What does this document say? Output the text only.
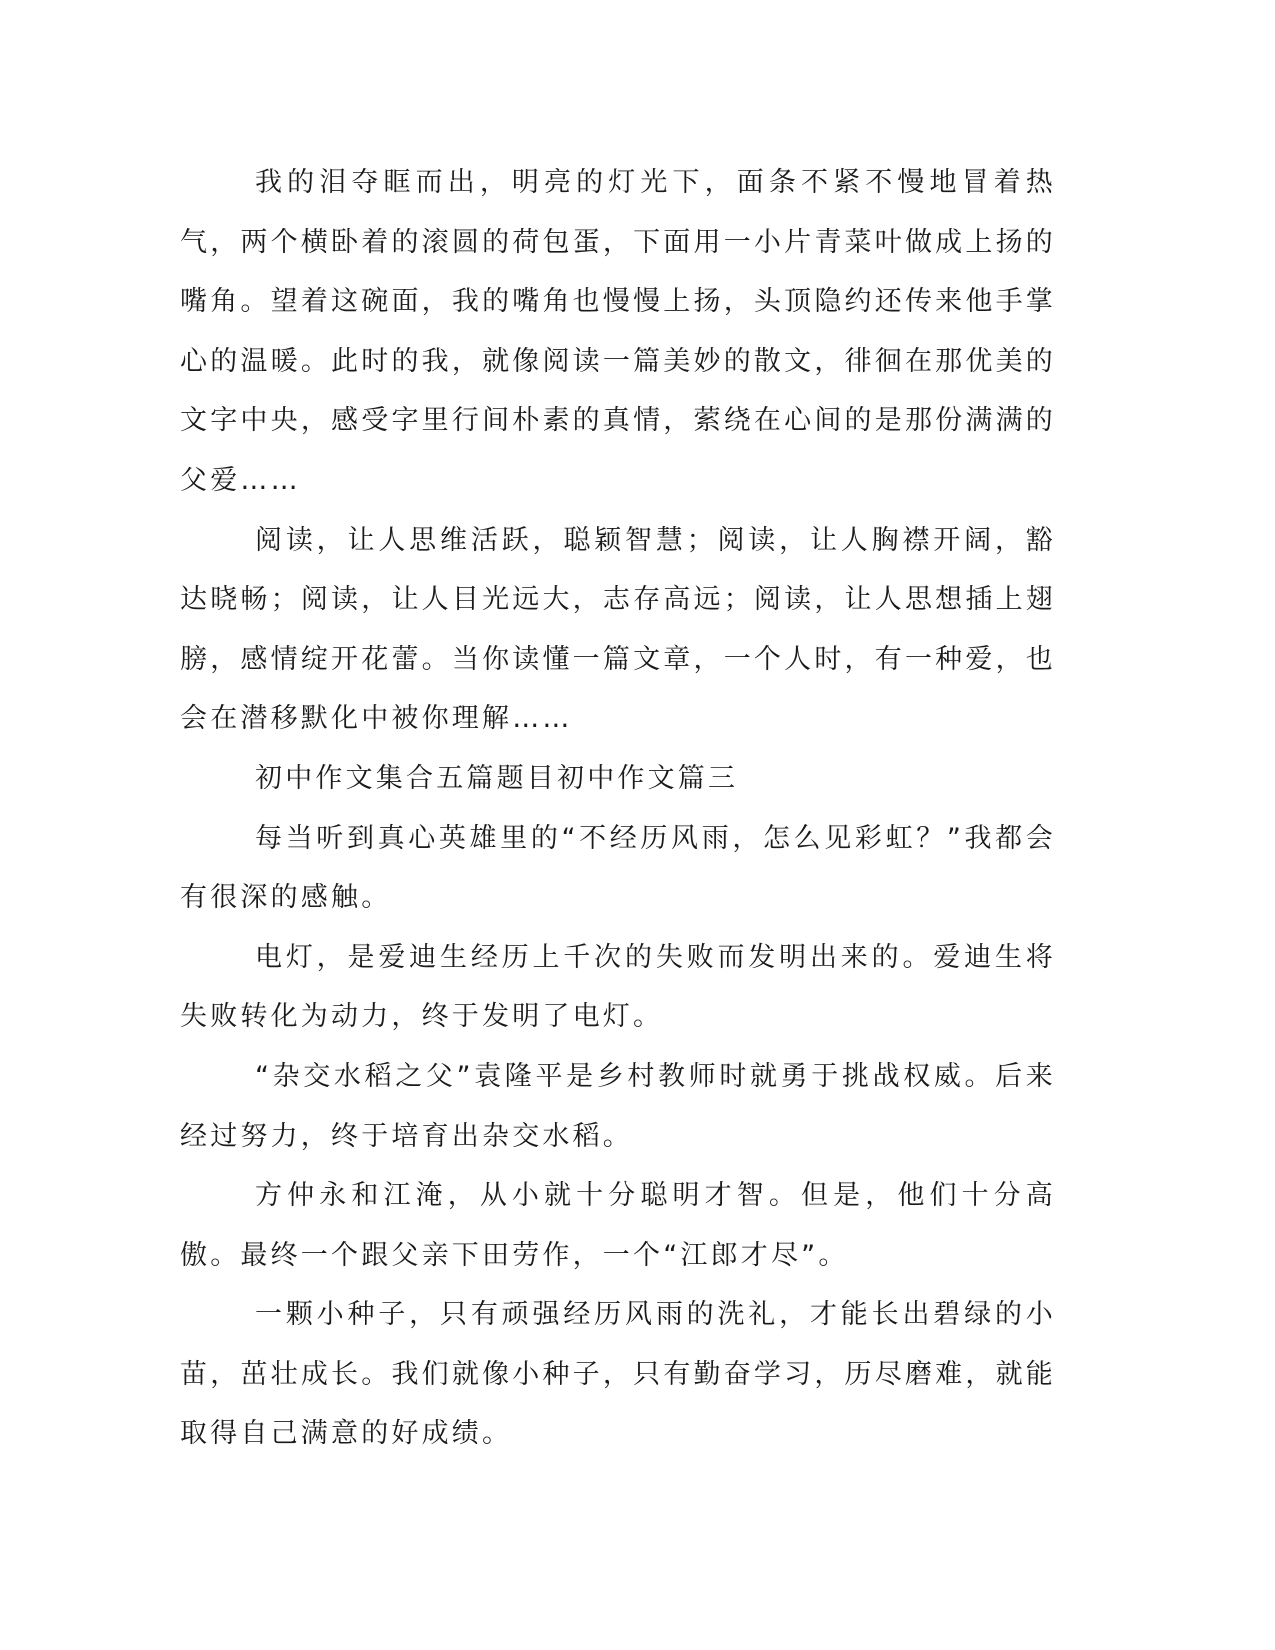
我的泪夺眶而出，明亮的灯光下，面条不紧不慢地冒着热气，两个横卧着的滚圆的荷包蛋，下面用一小片青菜叶做成上扬的嘴角。望着这碗面，我的嘴角也慢慢上扬，头顶隐约还传来他手掌心的温暖。此时的我，就像阅读一篇美妙的散文，徘徊在那优美的文字中央，感受字里行间朴素的真情，萦绕在心间的是那份满满的父爱……

阅读，让人思维活跃，聪颖智慧；阅读，让人胸襟开阔，豁达晓畅；阅读，让人目光远大，志存高远；阅读，让人思想插上翅膀，感情绽开花蕾。当你读懂一篇文章，一个人时，有一种爱，也会在潜移默化中被你理解……

初中作文集合五篇题目初中作文篇三

每当听到真心英雄里的“不经历风雨，怎么见彩虹？”我都会有很深的感触。

电灯，是爱迪生经历上千次的失败而发明出来的。爱迪生将失败转化为动力，终于发明了电灯。

“杂交水稻之父”袁隆平是乡村教师时就勇于挑战权威。后来经过努力，终于培育出杂交水稻。

方仲永和江淹，从小就十分聪明才智。但是，他们十分高傲。最终一个跟父亲下田劳作，一个“江郎才尽”。

一颗小种子，只有顽强经历风雨的洗礼，才能长出碧绿的小苗，茁壮成长。我们就像小种子，只有勤奋学习，历尽磨难，就能取得自己满意的好成绩。
